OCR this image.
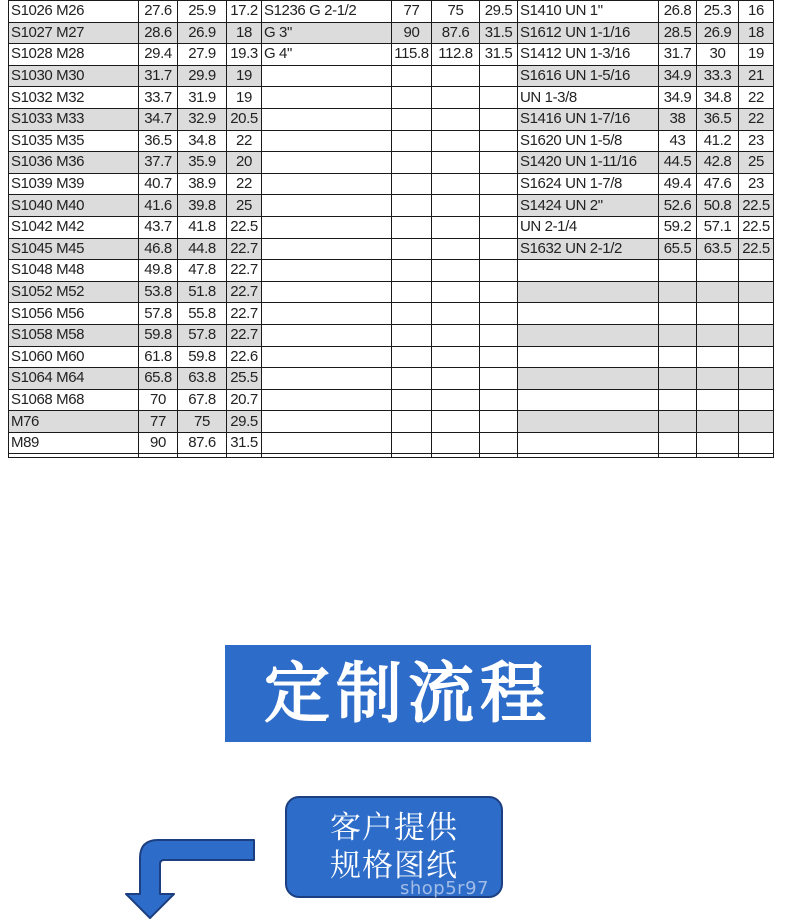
S1026 M26	27.6	25.9	17.2	S1236 G 2-1/2	77	75	29.5	S1410 UN 1"	26.8	25.3	16
S1027 M27	28.6	26.9	18	G 3"	90	87.6	31.5	S1612 UN 1-1/16	28.5	26.9	18
S1028 M28	29.4	27.9	19.3	G 4"	115.8	112.8	31.5	S1412 UN 1-3/16	31.7	30	19
S1030 M30	31.7	29.9	19					S1616 UN 1-5/16	34.9	33.3	21
S1032 M32	33.7	31.9	19					UN 1-3/8	34.9	34.8	22
S1033 M33	34.7	32.9	20.5					S1416 UN 1-7/16	38	36.5	22
S1035 M35	36.5	34.8	22					S1620 UN 1-5/8	43	41.2	23
S1036 M36	37.7	35.9	20					S1420 UN 1-11/16	44.5	42.8	25
S1039 M39	40.7	38.9	22					S1624 UN 1-7/8	49.4	47.6	23
S1040 M40	41.6	39.8	25					S1424 UN 2"	52.6	50.8	22.5
S1042 M42	43.7	41.8	22.5					UN 2-1/4	59.2	57.1	22.5
S1045 M45	46.8	44.8	22.7					S1632 UN 2-1/2	65.5	63.5	22.5
S1048 M48	49.8	47.8	22.7								
S1052 M52	53.8	51.8	22.7								
S1056 M56	57.8	55.8	22.7								
S1058 M58	59.8	57.8	22.7								
S1060 M60	61.8	59.8	22.6								
S1064 M64	65.8	63.8	25.5								
S1068 M68	70	67.8	20.7								
M76	77	75	29.5								
M89	90	87.6	31.5								

定制流程
客户提供
规格图纸
shop5r97
